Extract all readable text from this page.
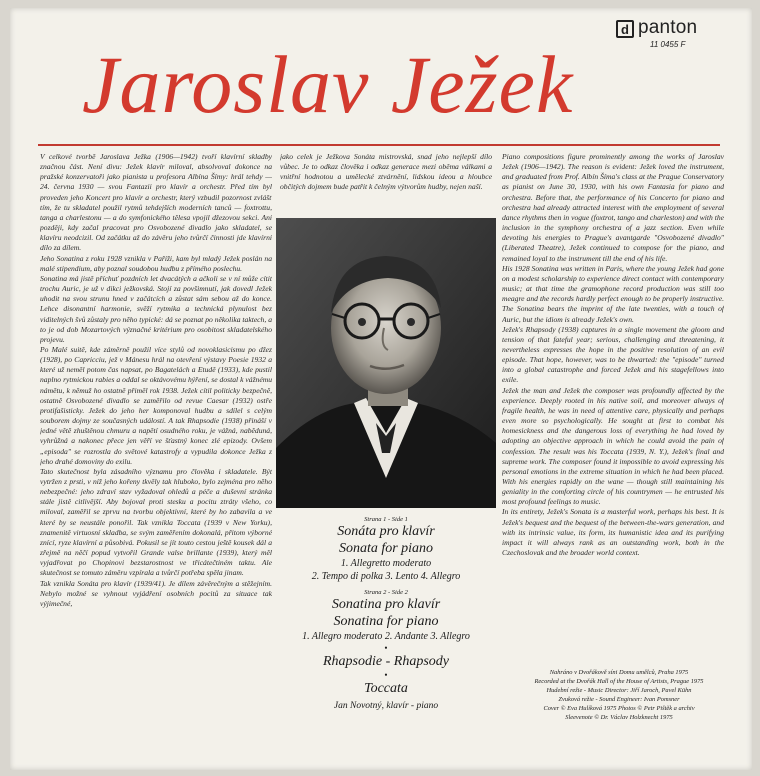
d panton
11 0455 F
Jaroslav Ježek

V celkové tvorbě Jaroslava Ježka (1906—1942) tvoří klavírní skladby značnou část. Není divu: Ježek klavír miloval, absolvoval dokonce na pražské konzervatoři jako pianista u profesora Albína Šímy: hrál tehdy — 24. června 1930 — svou Fantazii pro klavír a orchestr. Před tím byl proveden jeho Koncert pro klavír a orchestr, který vzbudil pozornost zvlášť tím, že tu skladatel použil rytmů tehdejších moderních tanců — foxtrottu, tanga a charlestonu — a do symfonického tělesa vpojil džezovou sekci. Ani později, kdy začal pracovat pro Osvobozené divadlo jako skladatel, se klavíru neodcizil. Od začátku až do závěru jeho tvůrčí činnosti jde klavírní dílo za dílem.

Jeho Sonatina z roku 1928 vznikla v Paříži, kam byl mladý Ježek poslán na malé stipendium, aby poznal soudobou hudbu z přímého poslechu.

Sonatina má jistě příchuť pozdních let dvacátých a ačkoli se v ní může cítit trochu Auric, je už v dikci ježkovská. Stojí za povšimnutí, jak dovedl Ježek uhodit na svou strunu hned v začátcích a zůstat sám sebou až do konce. Lehce disonantní harmonie, svěží rytmika a technická plynulost bez viditelných švů zůstaly pro něho typické: dá se poznat po několika taktech, a to je od dob Mozartových význačné kritérium pro osobitost skladatelského projevu.

Po Malé suitě, kde záměrně použil více stylů od novoklasicismu po džez (1928), po Capricciu, jež v Mánesu hrál na otevření výstavy Poesie 1932 a které už neměl potom čas napsat, po Bagatelách a Etudě (1933), kde pustil naplno rytmickou rabies a oddal se oktávovému hýření, se dostal k vážnému námětu, k němuž ho ostatně přiměl rok 1938. Ježek cítil politicky bezpečně, ostatně Osvobozené divadlo se zaměřilo od revue Caesar (1932) ostře protifašisticky. Ježek do jeho her komponoval hudbu a sdílel s celým souborem dojmy ze současných událostí. A tak Rhapsodie (1938) přináší v jedné větě zhuštěnou chmuru a napětí osudného roku, je vážná, naběduná, vyhrůžná a nakonec přece jen věří ve šťastný konec zlé epizody. Ovšem „episoda" se rozrostla do světové katastrofy a vypudila dokonce Ježka z jeho drahé domoviny do exilu.

Tato skutečnost byla zásadního významu pro člověka i skladatele. Být vytržen z prsti, v níž jeho kořeny tkvěly tak hluboko, bylo zejména pro něho nebezpečné: jeho zdraví stav vyžadoval ohledů a péče a duševní stránka stále jistě citlivější. Aby bojoval proti stesku a pocitu ztráty všeho, co miloval, zaměřil se zprvu na tvorbu objektivní, které by ho zabavila a ve které by se neustále ponořil. Tak vznikla Toccata (1939 v New Yorku), znamenitě virtuosní skladba, se svým zaměřením dokonalá, přitom výborné znící, ryze klavírní a působivá. Pokusil se jít touto cestou ještě kousek dál a zřejmě na něčí popud vytvořil Grande valse brillante (1939), který měl vyjadřovat po Chopinovi bezstarostnost ve třicátečtiném taktu. Ale skutečnost se tomuto záměru vzpírala a tvůrčí potřeba spěla jinam.

Tak vznikla Sonáta pro klavír (1939/41). Je dílem závěrečným a stěžejním. Nebylo možné se vyhnout vyjádření osobních pocitů za situace tak výjimečné,

jako celek je Ježkova Sonáta mistrovská, snad jeho nejlepší dílo vůbec. Je to odkaz člověka i odkaz generace mezi oběma válkami a vnitřní hodnotou a umělecké ztvárnění, lidskou ideou a hloubce občitých dojmem bude patřit k čelným výtvorům hudby, nejen naší.

Strana 1 - Side 1
Sonáta pro klavír
Sonata for piano
1. Allegretto moderato
2. Tempo di polka 3. Lento 4. Allegro
Strana 2 - Side 2
Sonatina pro klavír
Sonatina for piano
1. Allegro moderato 2. Andante 3. Allegro
•
Rhapsodie - Rhapsody
•
Toccata
Jan Novotný, klavír - piano

Piano compositions figure prominently among the works of Jaroslav Ježek (1906—1942). The reason is evident: Ježek loved the instrument, and graduated from Prof. Albín Šíma's class at the Prague Conservatory as pianist on June 30, 1930, with his own Fantasia for piano and orchestra. Before that, the performance of his Concerto for piano and orchestra had already attracted interest with the employment of several dance rhythms then in vogue (foxtrot, tango and charleston) and with the inclusion in the symphony orchestra of a jazz section. Even while devoting his energies to Prague's avantgarde "Osvobozené divadlo" (Liberated Theatre), Ježek continued to compose for the piano, and remained loyal to the instrument till the end of his life.

His 1928 Sonatina was written in Paris, where the young Ježek had gone on a modest scholarship to experience direct contact with contemporary music; at that time the gramophone record production was still too meagre and the records hardly perfect enough to be properly instructive. The Sonatina bears the imprint of the late twenties, with a touch of Auric, but the idiom is already Ježek's own.

Ježek's Rhapsody (1938) captures in a single movement the gloom and tension of that fateful year; serious, challenging and threatening, it nevertheless expresses the hope in the positive resolution of an evil episode. That hope, however, was to be thwarted: the "episode" turned into a global catastrophe and forced Ježek and his stagefellows into exile.

Ježek the man and Ježek the composer was profoundly affected by the experience. Deeply rooted in his native soil, and moreover always of fragile health, he was in need of attentive care, physically and perhaps even more so psychologically. He sought at first to combat his homesickness and the dangerous loss of everything he had loved by adopting an objective approach in which he could avoid the pain of confession. The result was his Toccata (1939, N. Y.), Ježek's final and supreme work. The composer found it impossible to avoid expressing his personal emotions in the extreme situation in which he had been placed. With his energies rapidly on the wane — though still maintaining his geniality in the comforting circle of his countrymen — he entrusted his most profound feelings to music.

In its entirety, Ježek's Sonata is a masterful work, perhaps his best. It is Ježek's bequest and the bequest of the between-the-wars generation, and with its intrinsic value, its form, its humanistic idea and its purifying impact it will always rank as an outstanding work, both in the Czechoslovak and the broader world context.

Nahráno v Dvořákově síni Domu umělců, Praha 1975
Recorded at the Dvořák Hall of the House of Artists, Prague 1975
Hudební režie - Music Director: Jiří Jaroch, Pavel Kühn
Zvuková režie - Sound Engineer: Ivan Pomsner
Cover © Eva Hulíková 1975 Photos © Petr Pištěk a archiv
Sleevenote © Dr. Václav Holzknecht 1975
